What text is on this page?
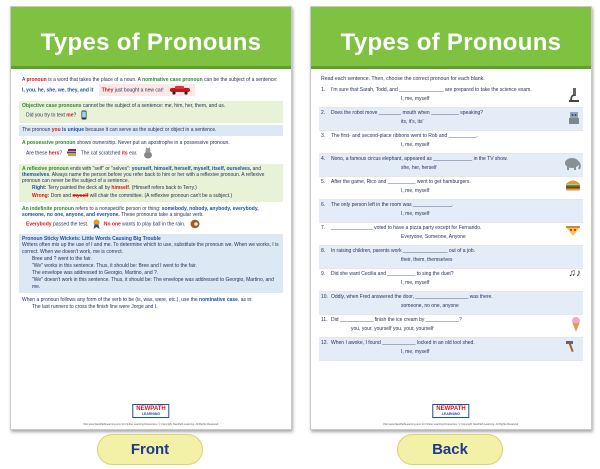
Types of Pronouns
A pronoun is a word that takes the place of a noun. A nominative case pronoun can be the subject of a sentence: I, you, he, she, we, they, and it They just bought a new car!
Objective case pronouns cannot be the subject of a sentence: me, him, her, them, and us.
Did you try to text me?
The pronoun you is unique because it can serve as the subject or object in a sentence.
A possessive pronoun shows ownership. Never put an apostrophe in a possessive pronoun.
Are these hers?	The cat scratched its ear.
A reflexive pronoun ends with "self" or "selves": yourself, himself, herself, myself, itself, ourselves, and themselves. Always name the person before you refer back to him or her with a reflexive pronoun. A reflexive pronoun can never be the subject of a sentence.
Right: Terry painted the deck all by himself. (Himself refers back to Terry.)
Wrong: Dom and myself will chair the committee. (A reflexive pronoun can't be a subject.)
An indefinite pronoun refers to a nonspecific person or thing: somebody, nobody, anybody, everybody, someone, no one, anyone, and everyone. These pronouns take a singular verb.
Everybody passed the test.	No one wants to play ball in the rain.
Pronoun Sticky Wickets: Little Words Causing Big Trouble
Writers often mix up the use of I and me. To determine which to use, substitute the pronoun we. When we works, I is correct. When we doesn't work, me is correct.
Bree and ? went to the fair.
"We" works in this sentence. Thus, it should be: Bree and I went to the fair.
The envelope was addressed to Georgio, Martino, and ?.
"We" doesn't work in this sentence. Thus, it should be: The envelope was addressed to Georgio, Martino, and me.
When a pronoun follows any form of the verb to be (is, was, were, etc.), use the nominative case, as in:
The last runners to cross the finish line were Jorge and I.
NEWPATH
LEARNING
Visit www.NewPathLearning.com for Online Learning Resources. © Copyright NewPath Learning. All Rights Reserved.
Types of Pronouns
Read each sentence. Then, choose the correct pronoun for each blank.
1.	I'm sure that Sarah, Todd, and ________________ are prepared to take the science exam.
I, me, myself
2.	Does the robot move ________ mouth when __________ speaking?
its, it's, its'
3.	The first- and second-place ribbons went to Rob and __________.
I, me, myself
4.	Nono, a famous circus elephant, appeared as ______________ in the TV show.
she, her, herself
5.	After the game, Rico and __________ went to get hamburgers.
I, me, myself
6.	The only person left in the room was ______________.
I, me, myself
7.	_______________ voted to have a pizza party except for Fernando.
Everyone, Someone, Anyone
8.	In raising children, parents work ________________ out of a job.
their, them, themselves
9.	Did she want Cecilia and __________ to sing the duet?
I, me, myself
♫♪
10. Oddly, when Fred answered the door, ___________________ was there.
someone, no one, anyone
11. Did ____________ finish the ice cream by ____________?
you, your, yourself you, your, yourself
12. When I awoke, I found ____________ locked in an old tool shed.
I, me, myself
NEWPATH
LEARNING
Visit www.NewPathLearning.com for Online Learning Resources. © Copyright NewPath Learning. All Rights Reserved.
Front	Back
